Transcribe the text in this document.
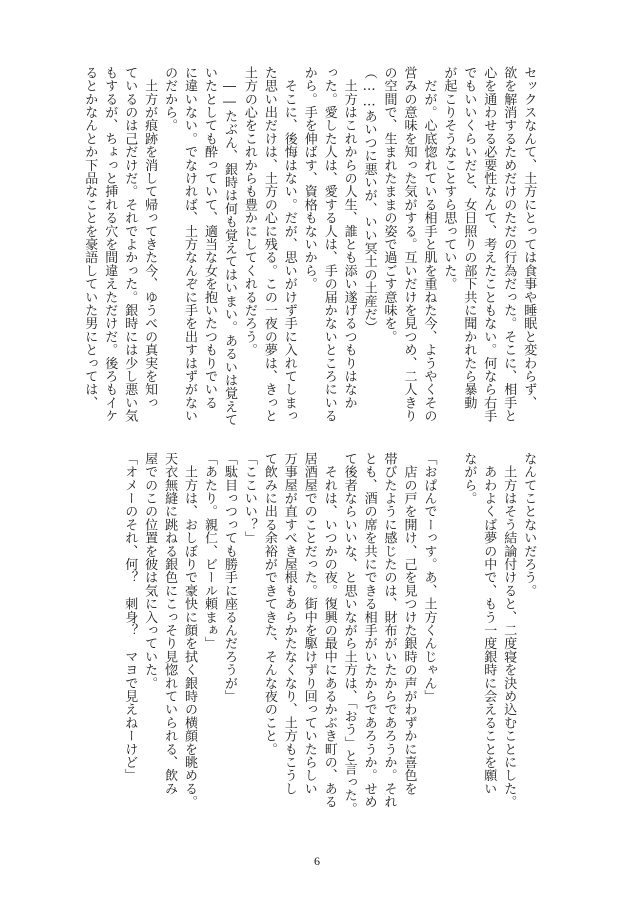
セックスなんて、土方にとっては食事や睡眠と変わらず、
欲を解消するためだけのただの行為だった。そこに、相手と
心を通わせる必要性なんて、考えたこともない。何なら右手
でもいいくらいだと、女日照りの部下共に聞かれたら暴動
が起こりそうなことすら思っていた。
　だが。心底惚れている相手と肌を重ねた今、ようやくその
営みの意味を知った気がする。互いだけを見つめ、二人きり
の空間で、生まれたままの姿で過ごす意味を。
（……あいつに悪いが、いい冥土の土産だ）
　土方はこれからの人生、誰とも添い遂げるつもりはなか
った。愛した人は、愛する人は、手の届かないところにいる
から。手を伸ばす、資格もないから。
　そこに、後悔はない。だが、思いがけず手に入れてしまっ
た思い出だけは、土方の心に残る。この一夜の夢は、きっと
土方の心をこれからも豊かにしてくれるだろう。
　――たぶん、銀時は何も覚えてはいまい。あるいは覚えて
いたとしても酔っていて、適当な女を抱いたつもりでいる
に違いない。でなければ、土方なんぞに手を出すはずがない
のだから。
　土方が痕跡を消して帰ってきた今、ゆうべの真実を知っ
ているのは己だけだ。それでよかった。銀時には少し悪い気
もするが、ちょっと挿れる穴を間違えただけだ。後ろもイケ
るとかなんとか下品なことを豪語していた男にとっては、
なんてことないだろう。
　土方はそう結論付けると、二度寝を決め込むことにした。
　あわよくば夢の中で、もう一度銀時に会えることを願い
ながら。
「おぱんでーっす。あ、土方くんじゃん」
　店の戸を開け、己を見つけた銀時の声がわずかに喜色を
帯びたように感じたのは、財布がいたからであろうか。それ
とも、酒の席を共にできる相手がいたからであろうか。せめ
て後者ならいいな、と思いながら土方は、「おう」と言った。
　それは、いつかの夜。復興の最中にあるかぶき町の、ある
居酒屋でのことだった。街中を駆けずり回っていたらしい
万事屋が直すべき屋根もあらかたなくなり、土方もこうし
て飲みに出る余裕ができてきた、そんな夜のこと。
「ここいい？」
「駄目っつっても勝手に座るんだろうが」
「あたり。親仁、ビール頼まぁ」
　土方は、おしぼりで豪快に顔を拭く銀時の横顔を眺める。
天衣無縫に跳ねる銀色にこっそり見惚れていられる、飲み
屋でのこの位置を彼は気に入っていた。
「オメーのそれ、何？　刺身？　マヨで見えねーけど」
6
